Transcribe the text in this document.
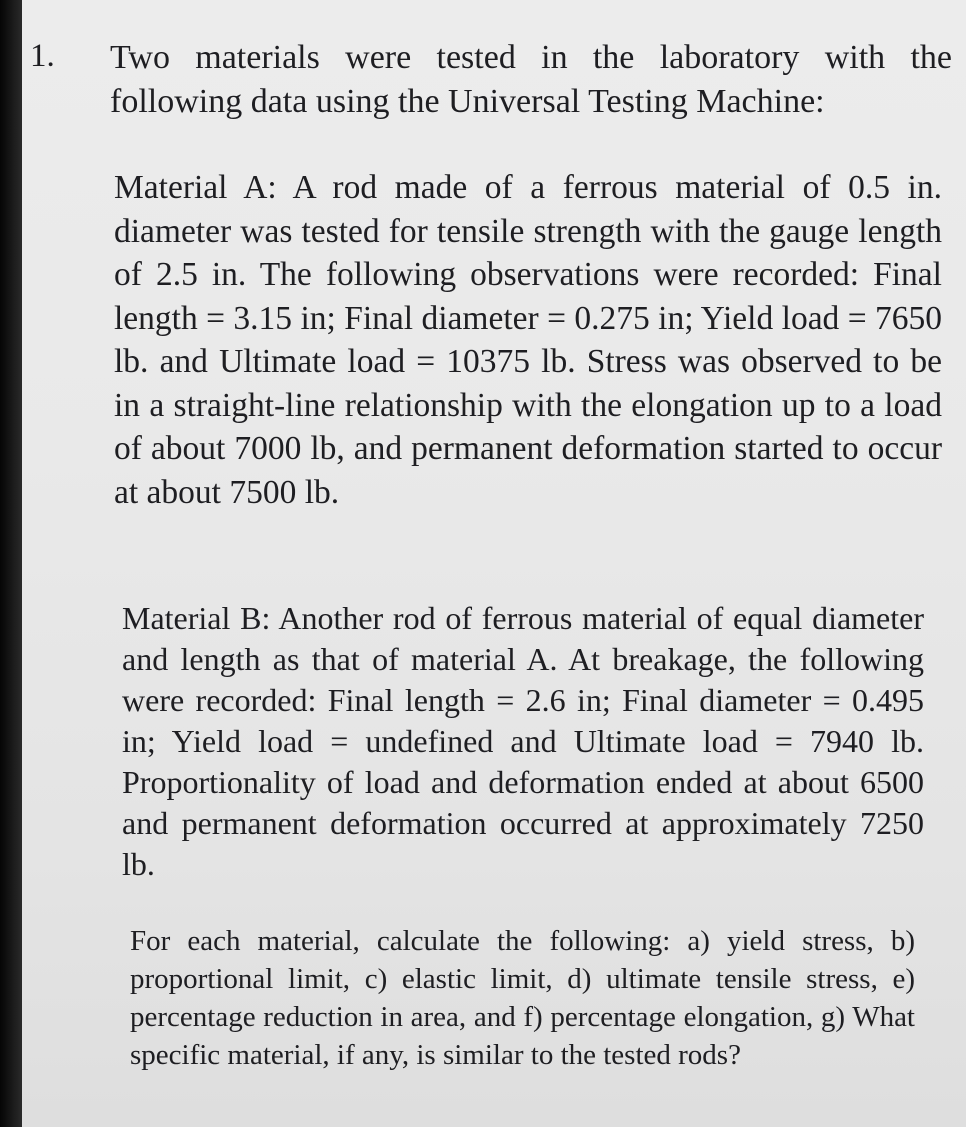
1. Two materials were tested in the laboratory with the following data using the Universal Testing Machine:

Material A: A rod made of a ferrous material of 0.5 in. diameter was tested for tensile strength with the gauge length of 2.5 in. The following observations were recorded: Final length = 3.15 in; Final diameter = 0.275 in; Yield load = 7650 lb. and Ultimate load = 10375 lb. Stress was observed to be in a straight-line relationship with the elongation up to a load of about 7000 lb, and permanent deformation started to occur at about 7500 lb.

Material B: Another rod of ferrous material of equal diameter and length as that of material A. At breakage, the following were recorded: Final length = 2.6 in; Final diameter = 0.495 in; Yield load = undefined and Ultimate load = 7940 lb. Proportionality of load and deformation ended at about 6500 and permanent deformation occurred at approximately 7250 lb.

For each material, calculate the following: a) yield stress, b) proportional limit, c) elastic limit, d) ultimate tensile stress, e) percentage reduction in area, and f) percentage elongation, g) What specific material, if any, is similar to the tested rods?
